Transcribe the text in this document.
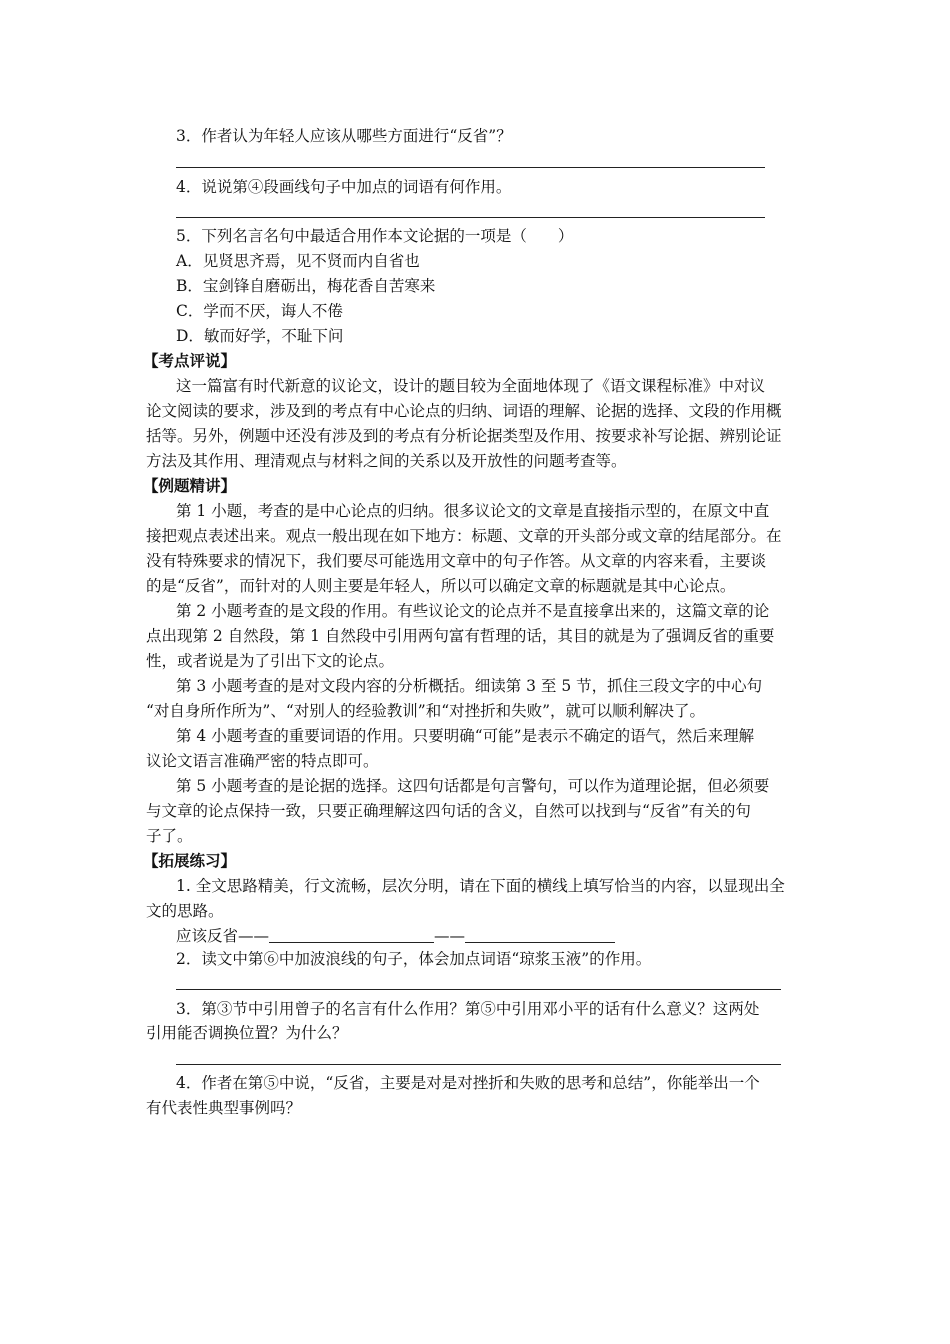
3．作者认为年轻人应该从哪些方面进行“反省”？
4．说说第④段画线句子中加点的词语有何作用。
5．下列名言名句中最适合用作本文论据的一项是（　　）
A．见贤思齐焉，见不贤而内自省也
B．宝剑锋自磨砺出，梅花香自苦寒来
C．学而不厌，诲人不倦
D．敏而好学，不耻下问
【考点评说】
这一篇富有时代新意的议论文，设计的题目较为全面地体现了《语文课程标准》中对议
论文阅读的要求，涉及到的考点有中心论点的归纳、词语的理解、论据的选择、文段的作用概
括等。另外，例题中还没有涉及到的考点有分析论据类型及作用、按要求补写论据、辨别论证
方法及其作用、理清观点与材料之间的关系以及开放性的问题考查等。
【例题精讲】
第 1 小题，考查的是中心论点的归纳。很多议论文的文章是直接指示型的，在原文中直
接把观点表述出来。观点一般出现在如下地方：标题、文章的开头部分或文章的结尾部分。在
没有特殊要求的情况下，我们要尽可能选用文章中的句子作答。从文章的内容来看，主要谈
的是“反省”，而针对的人则主要是年轻人，所以可以确定文章的标题就是其中心论点。
第 2 小题考查的是文段的作用。有些议论文的论点并不是直接拿出来的，这篇文章的论
点出现第 2 自然段，第 1 自然段中引用两句富有哲理的话，其目的就是为了强调反省的重要
性，或者说是为了引出下文的论点。
第 3 小题考查的是对文段内容的分析概括。细读第 3 至 5 节，抓住三段文字的中心句
“对自身所作所为”、“对别人的经验教训”和“对挫折和失败”，就可以顺利解决了。
第 4 小题考查的重要词语的作用。只要明确“可能”是表示不确定的语气，然后来理解
议论文语言准确严密的特点即可。
第 5 小题考查的是论据的选择。这四句话都是句言警句，可以作为道理论据，但必须要
与文章的论点保持一致，只要正确理解这四句话的含义，自然可以找到与“反省”有关的句
子了。
【拓展练习】
1. 全文思路精美，行文流畅，层次分明，请在下面的横线上填写恰当的内容，以显现出全
文的思路。
应该反省——	——
2．读文中第⑥中加波浪线的句子，体会加点词语“琼浆玉液”的作用。
3．第③节中引用曾子的名言有什么作用？第⑤中引用邓小平的话有什么意义？这两处
引用能否调换位置？为什么？
4．作者在第⑤中说，“反省，主要是对是对挫折和失败的思考和总结”，你能举出一个
有代表性典型事例吗？
